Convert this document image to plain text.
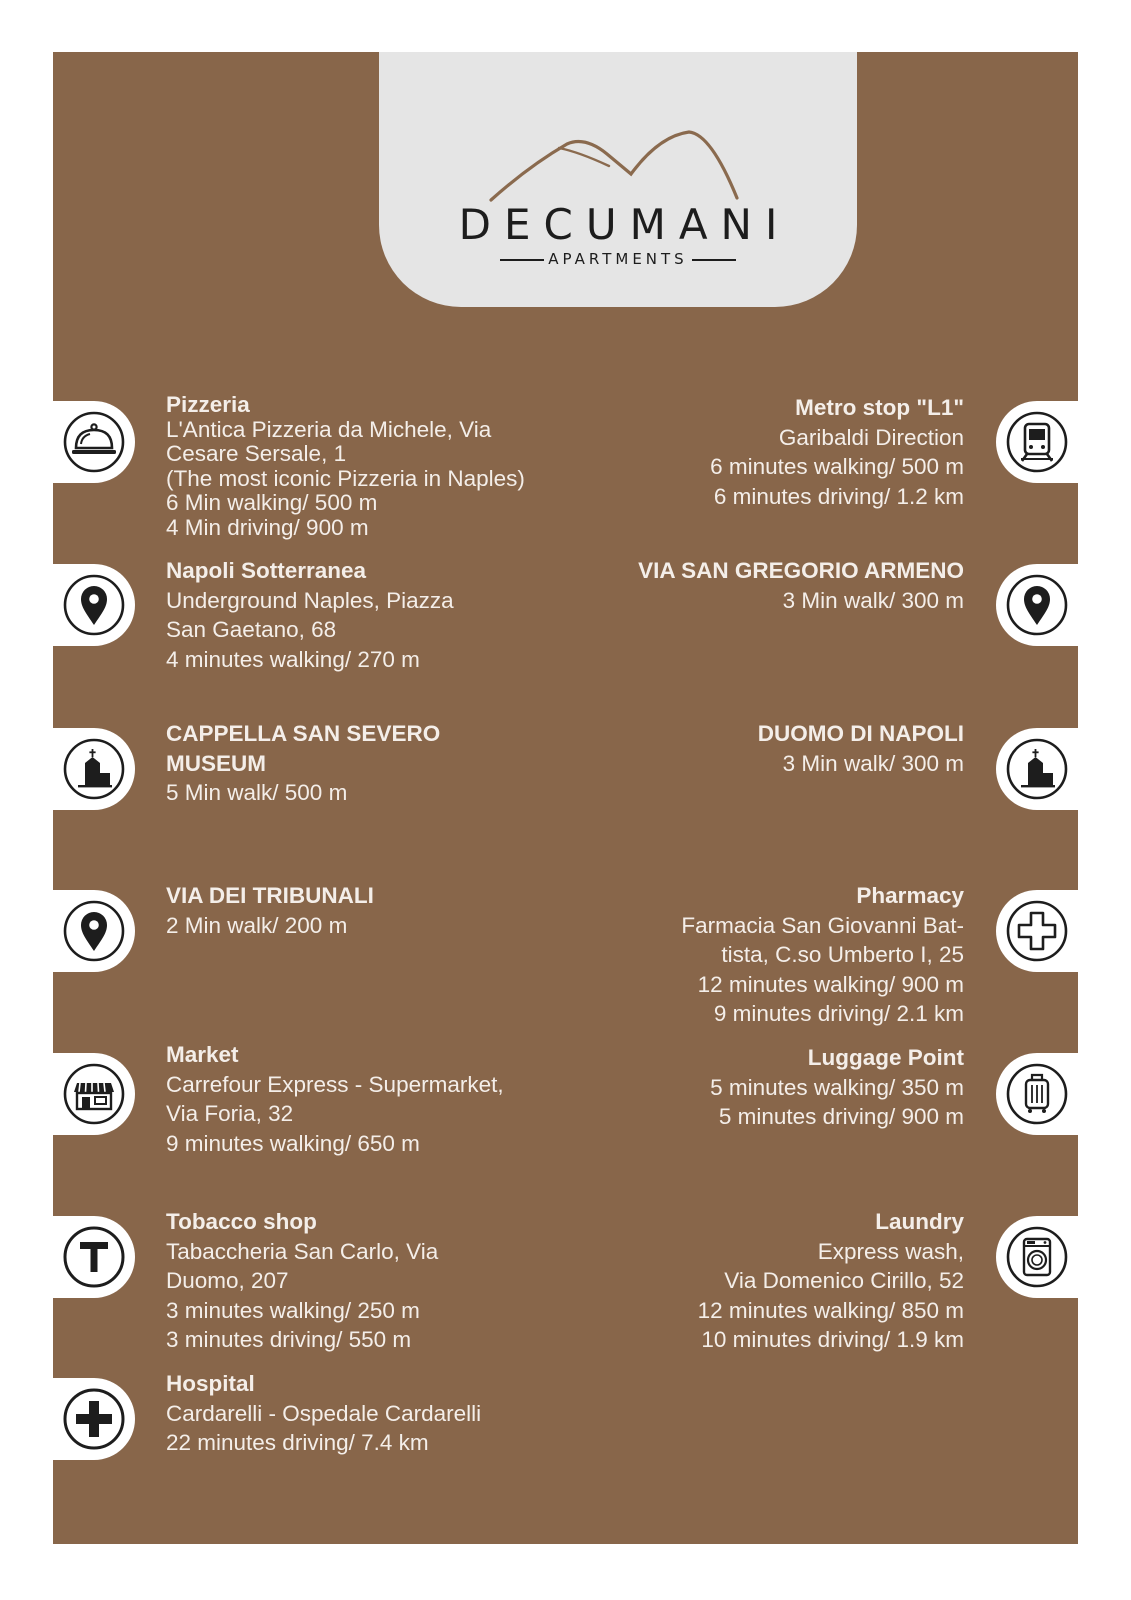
DECUMANI
APARTMENTS
Pizzeria
L'Antica Pizzeria da Michele, Via
Cesare Sersale, 1
(The most iconic Pizzeria in Naples)
6 Min walking/ 500 m
4 Min driving/ 900 m
Napoli Sotterranea
Underground Naples, Piazza
San Gaetano, 68
4 minutes walking/ 270 m
CAPPELLA SAN SEVERO
MUSEUM
5 Min walk/ 500 m
VIA DEI TRIBUNALI
2 Min walk/ 200 m
Market
Carrefour Express - Supermarket,
Via Foria, 32
9 minutes walking/ 650 m
Tobacco shop
Tabaccheria San Carlo, Via
Duomo, 207
3 minutes walking/ 250 m
3 minutes driving/ 550 m
Hospital
Cardarelli - Ospedale Cardarelli
22 minutes driving/ 7.4 km
Metro stop "L1"
Garibaldi Direction
6 minutes walking/ 500 m
6 minutes driving/ 1.2 km
VIA SAN GREGORIO ARMENO
3 Min walk/ 300 m
DUOMO DI NAPOLI
3 Min walk/ 300 m
Pharmacy
Farmacia San Giovanni Bat-
tista, C.so Umberto I, 25
12 minutes walking/ 900 m
9 minutes driving/ 2.1 km
Luggage Point
5 minutes walking/ 350 m
5 minutes driving/ 900 m
Laundry
Express wash,
Via Domenico Cirillo, 52
12 minutes walking/ 850 m
10 minutes driving/ 1.9 km
